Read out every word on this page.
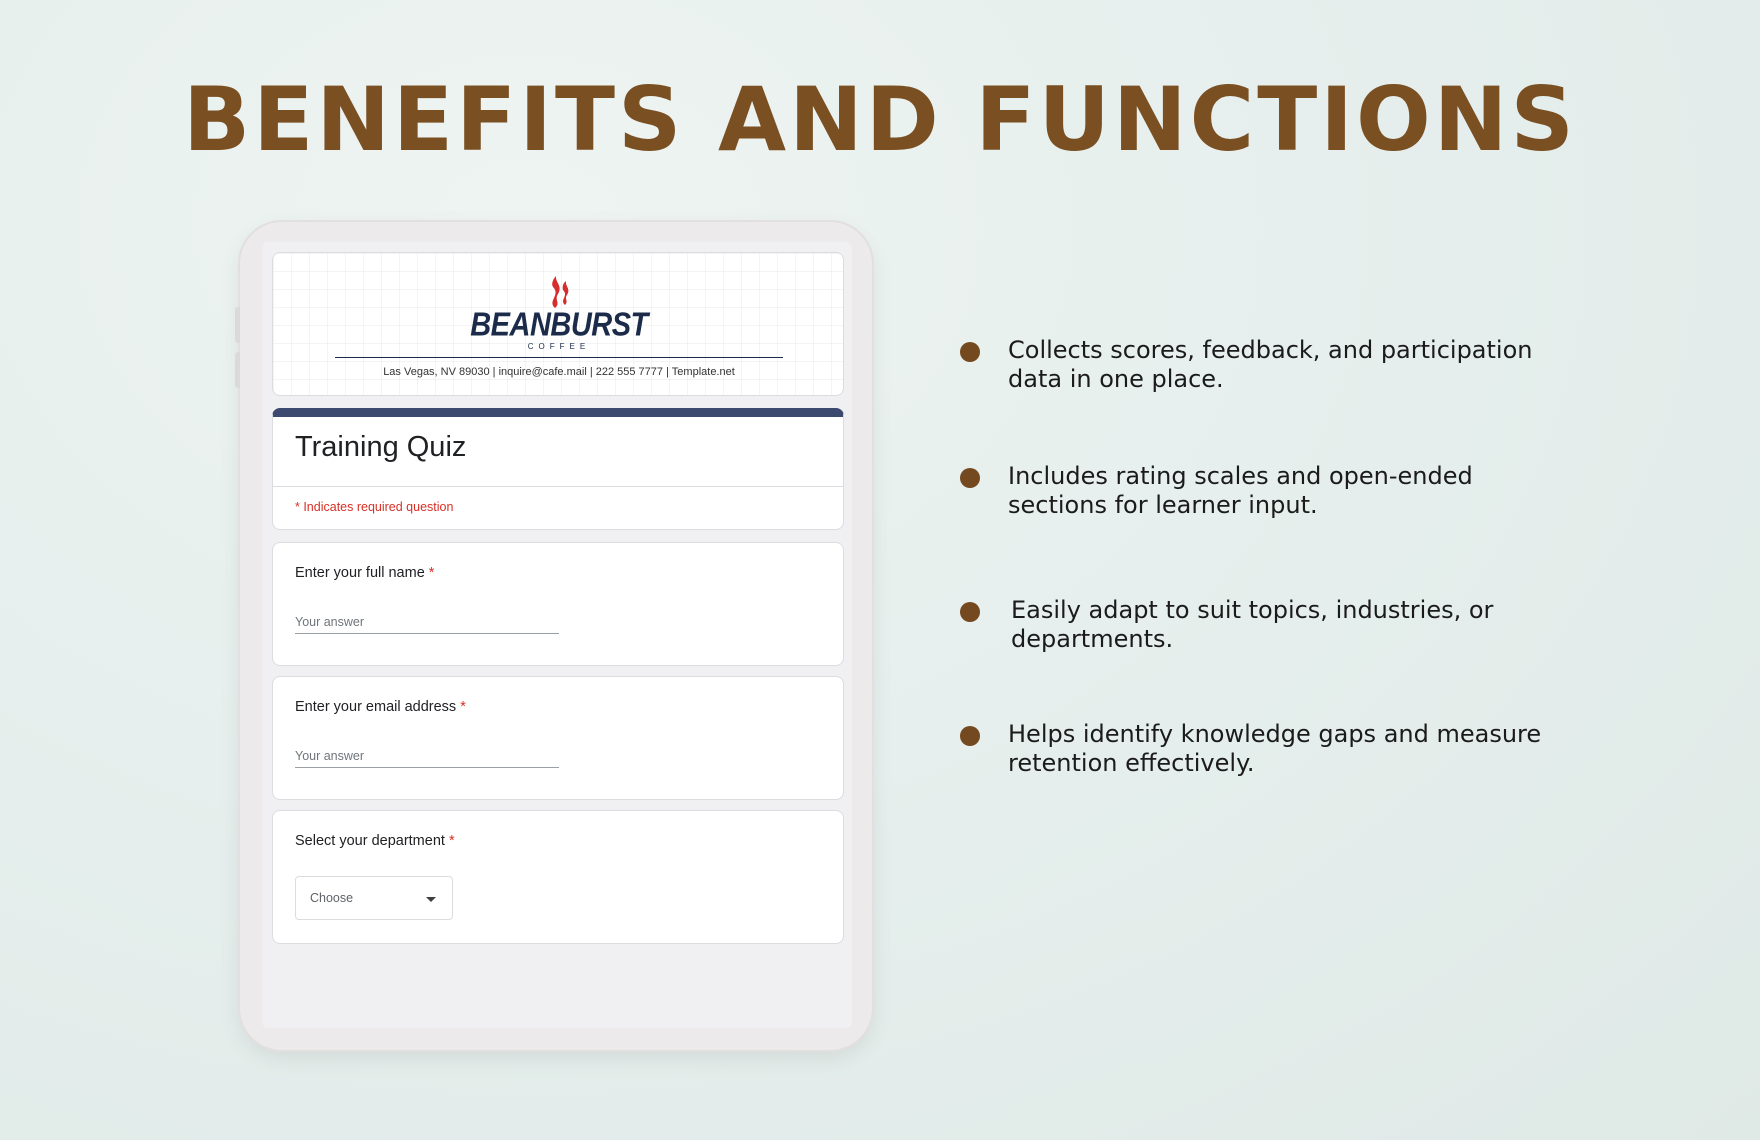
BENEFITS AND FUNCTIONS
BEANBURST
COFFEE
Las Vegas, NV 89030 | inquire@cafe.mail | 222 555 7777 | Template.net
Training Quiz
* Indicates required question
Enter your full name *
Your answer
Enter your email address *
Your answer
Select your department *
Choose
Collects scores, feedback, and participation data in one place.
Includes rating scales and open-ended sections for learner input.
Easily adapt to suit topics, industries, or departments.
Helps identify knowledge gaps and measure retention effectively.
